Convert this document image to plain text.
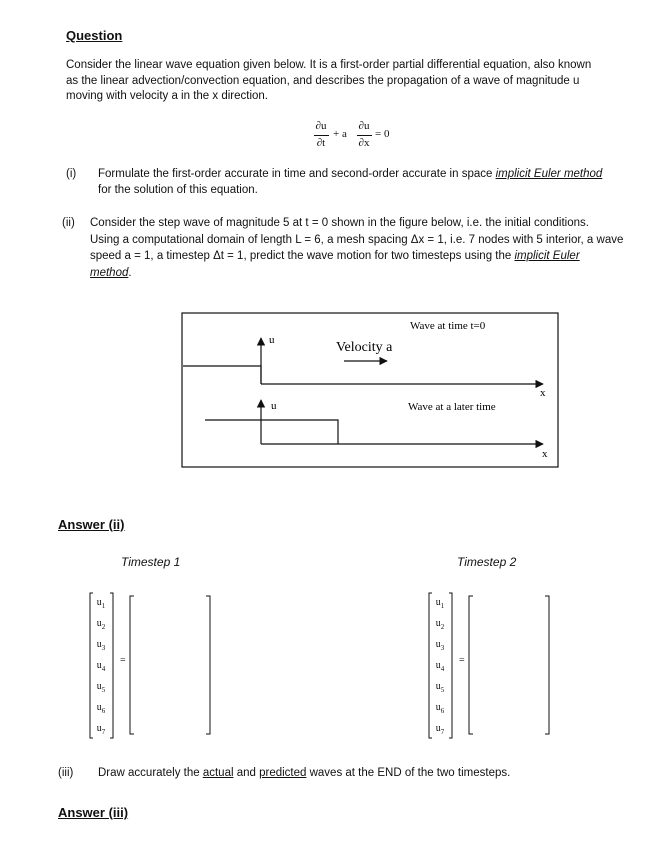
Question
Consider the linear wave equation given below. It is a first-order partial differential equation, also known
as the linear advection/convection equation, and describes the propagation of a wave of magnitude u
moving with velocity a in the x direction.
∂u
∂t
+ a
∂u
∂x
= 0
(i) Formulate the first-order accurate in time and second-order accurate in space implicit Euler method
for the solution of this equation.
(ii) Consider the step wave of magnitude 5 at t = 0 shown in the figure below, i.e. the initial conditions.
Using a computational domain of length L = 6, a mesh spacing Δx = 1, i.e. 7 nodes with 5 interior, a wave
speed a = 1, a timestep Δt = 1, predict the wave motion for two timesteps using the implicit Euler
method.
u	Velocity a
Wave at time t=0
x
u	Wave at a later time
x
Answer (ii)
Timestep 1	Timestep 2
$u_1$
$u_2$
$u_3$
$u_4$
$u_5$
$u_6$
$u_7$
=
$u_1$
$u_2$
$u_3$
$u_4$
$u_5$
$u_6$
$u_7$
=
(iii) Draw accurately the actual and predicted waves at the END of the two timesteps.
Answer (iii)
